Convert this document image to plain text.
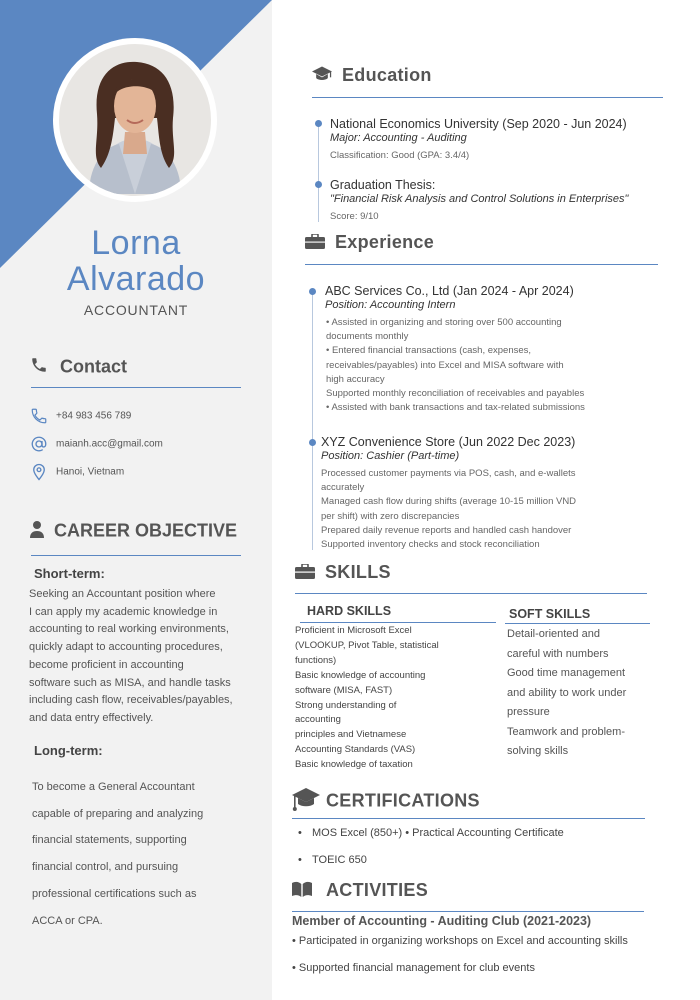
Lorna
Alvarado
ACCOUNTANT
Contact
+84 983 456 789
maianh.acc@gmail.com
Hanoi, Vietnam
CAREER OBJECTIVE
Short-term:
Seeking an Accountant position where
I can apply my academic knowledge in
accounting to real working environments,
quickly adapt to accounting procedures,
become proficient in accounting
software such as MISA, and handle tasks
including cash flow, receivables/payables,
and data entry effectively.
Long-term:
To become a General Accountant
capable of preparing and analyzing
financial statements, supporting
financial control, and pursuing
professional certifications such as
ACCA or CPA.
Education
National Economics University (Sep 2020 - Jun 2024)
Major: Accounting - Auditing
Classification: Good (GPA: 3.4/4)
Graduation Thesis:
"Financial Risk Analysis and Control Solutions in Enterprises"
Score: 9/10
Experience
ABC Services Co., Ltd (Jan 2024 - Apr 2024)
Position: Accounting Intern
• Assisted in organizing and storing over 500 accounting
documents monthly
• Entered financial transactions (cash, expenses,
receivables/payables) into Excel and MISA software with
high accuracy
Supported monthly reconciliation of receivables and payables
• Assisted with bank transactions and tax-related submissions
XYZ Convenience Store (Jun 2022 Dec 2023)
Position: Cashier (Part-time)
Processed customer payments via POS, cash, and e-wallets
accurately
Managed cash flow during shifts (average 10-15 million VND
per shift) with zero discrepancies
Prepared daily revenue reports and handled cash handover
Supported inventory checks and stock reconciliation
SKILLS
HARD SKILLS
Proficient in Microsoft Excel
(VLOOKUP, Pivot Table, statistical
functions)
Basic knowledge of accounting
software (MISA, FAST)
Strong understanding of
accounting
principles and Vietnamese
Accounting Standards (VAS)
Basic knowledge of taxation
SOFT SKILLS
Detail-oriented and
careful with numbers
Good time management
and ability to work under
pressure
Teamwork and problem-
solving skills
CERTIFICATIONS
• MOS Excel (850+) • Practical Accounting Certificate
• TOEIC 650
ACTIVITIES
Member of Accounting - Auditing Club (2021-2023)
• Participated in organizing workshops on Excel and accounting skills
• Supported financial management for club events
